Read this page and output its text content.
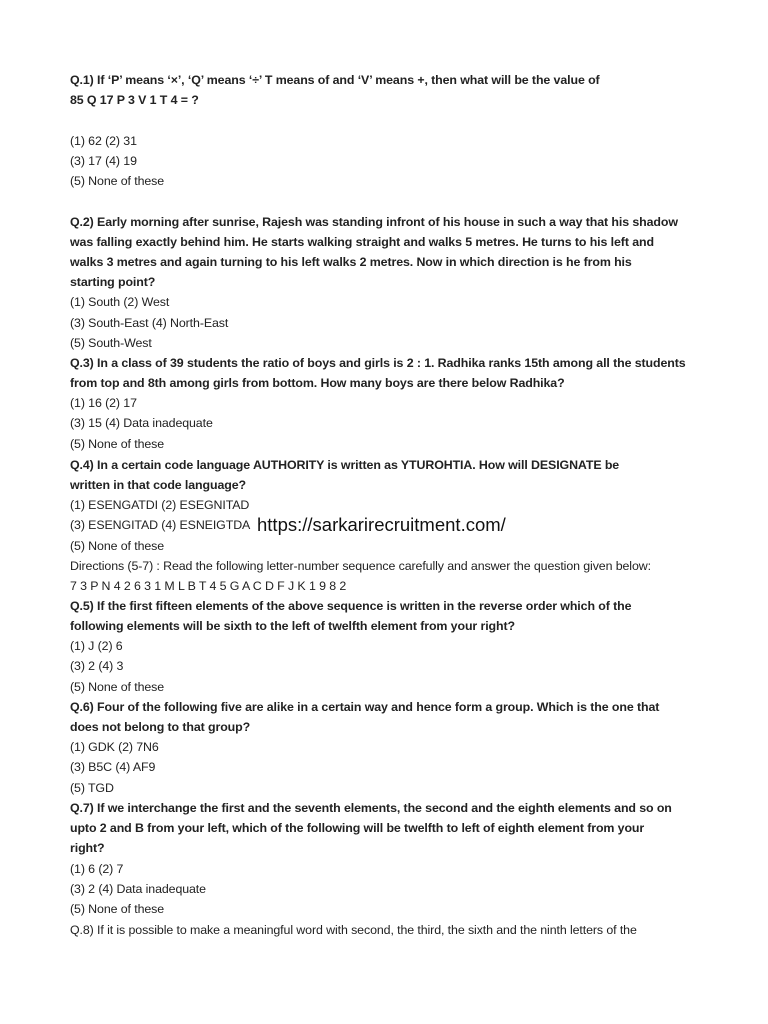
Q.1) If ‘P’ means ‘×’, ‘Q’ means ‘÷’ T means of and ‘V’ means +, then what will be the value of
85 Q 17 P 3 V 1 T 4 = ?
(1) 62 (2) 31
(3) 17 (4) 19
(5) None of these
Q.2) Early morning after sunrise, Rajesh was standing infront of his house in such a way that his shadow
was falling exactly behind him. He starts walking straight and walks 5 metres. He turns to his left and
walks 3 metres and again turning to his left walks 2 metres. Now in which direction is he from his
starting point?
(1) South (2) West
(3) South-East (4) North-East
(5) South-West
Q.3) In a class of 39 students the ratio of boys and girls is 2 : 1. Radhika ranks 15th among all the students
from top and 8th among girls from bottom. How many boys are there below Radhika?
(1) 16 (2) 17
(3) 15 (4) Data inadequate
(5) None of these
Q.4) In a certain code language AUTHORITY is written as YTUROHTIA. How will DESIGNATE be
written in that code language?
(1) ESENGATDI (2) ESEGNITAD
(3) ESENGITAD (4) ESNEIGTDA
(5) None of these
Directions (5-7) : Read the following letter-number sequence carefully and answer the question given below:
7 3 P N 4 2 6 3 1 M L B T 4 5 G A C D F J K 1 9 8 2
Q.5) If the first fifteen elements of the above sequence is written in the reverse order which of the
following elements will be sixth to the left of twelfth element from your right?
(1) J (2) 6
(3) 2 (4) 3
(5) None of these
Q.6) Four of the following five are alike in a certain way and hence form a group. Which is the one that
does not belong to that group?
(1) GDK (2) 7N6
(3) B5C (4) AF9
(5) TGD
Q.7) If we interchange the first and the seventh elements, the second and the eighth elements and so on
upto 2 and B from your left, which of the following will be twelfth to left of eighth element from your
right?
(1) 6 (2) 7
(3) 2 (4) Data inadequate
(5) None of these
Q.8) If it is possible to make a meaningful word with second, the third, the sixth and the ninth letters of the
https://sarkarirecruitment.com/
